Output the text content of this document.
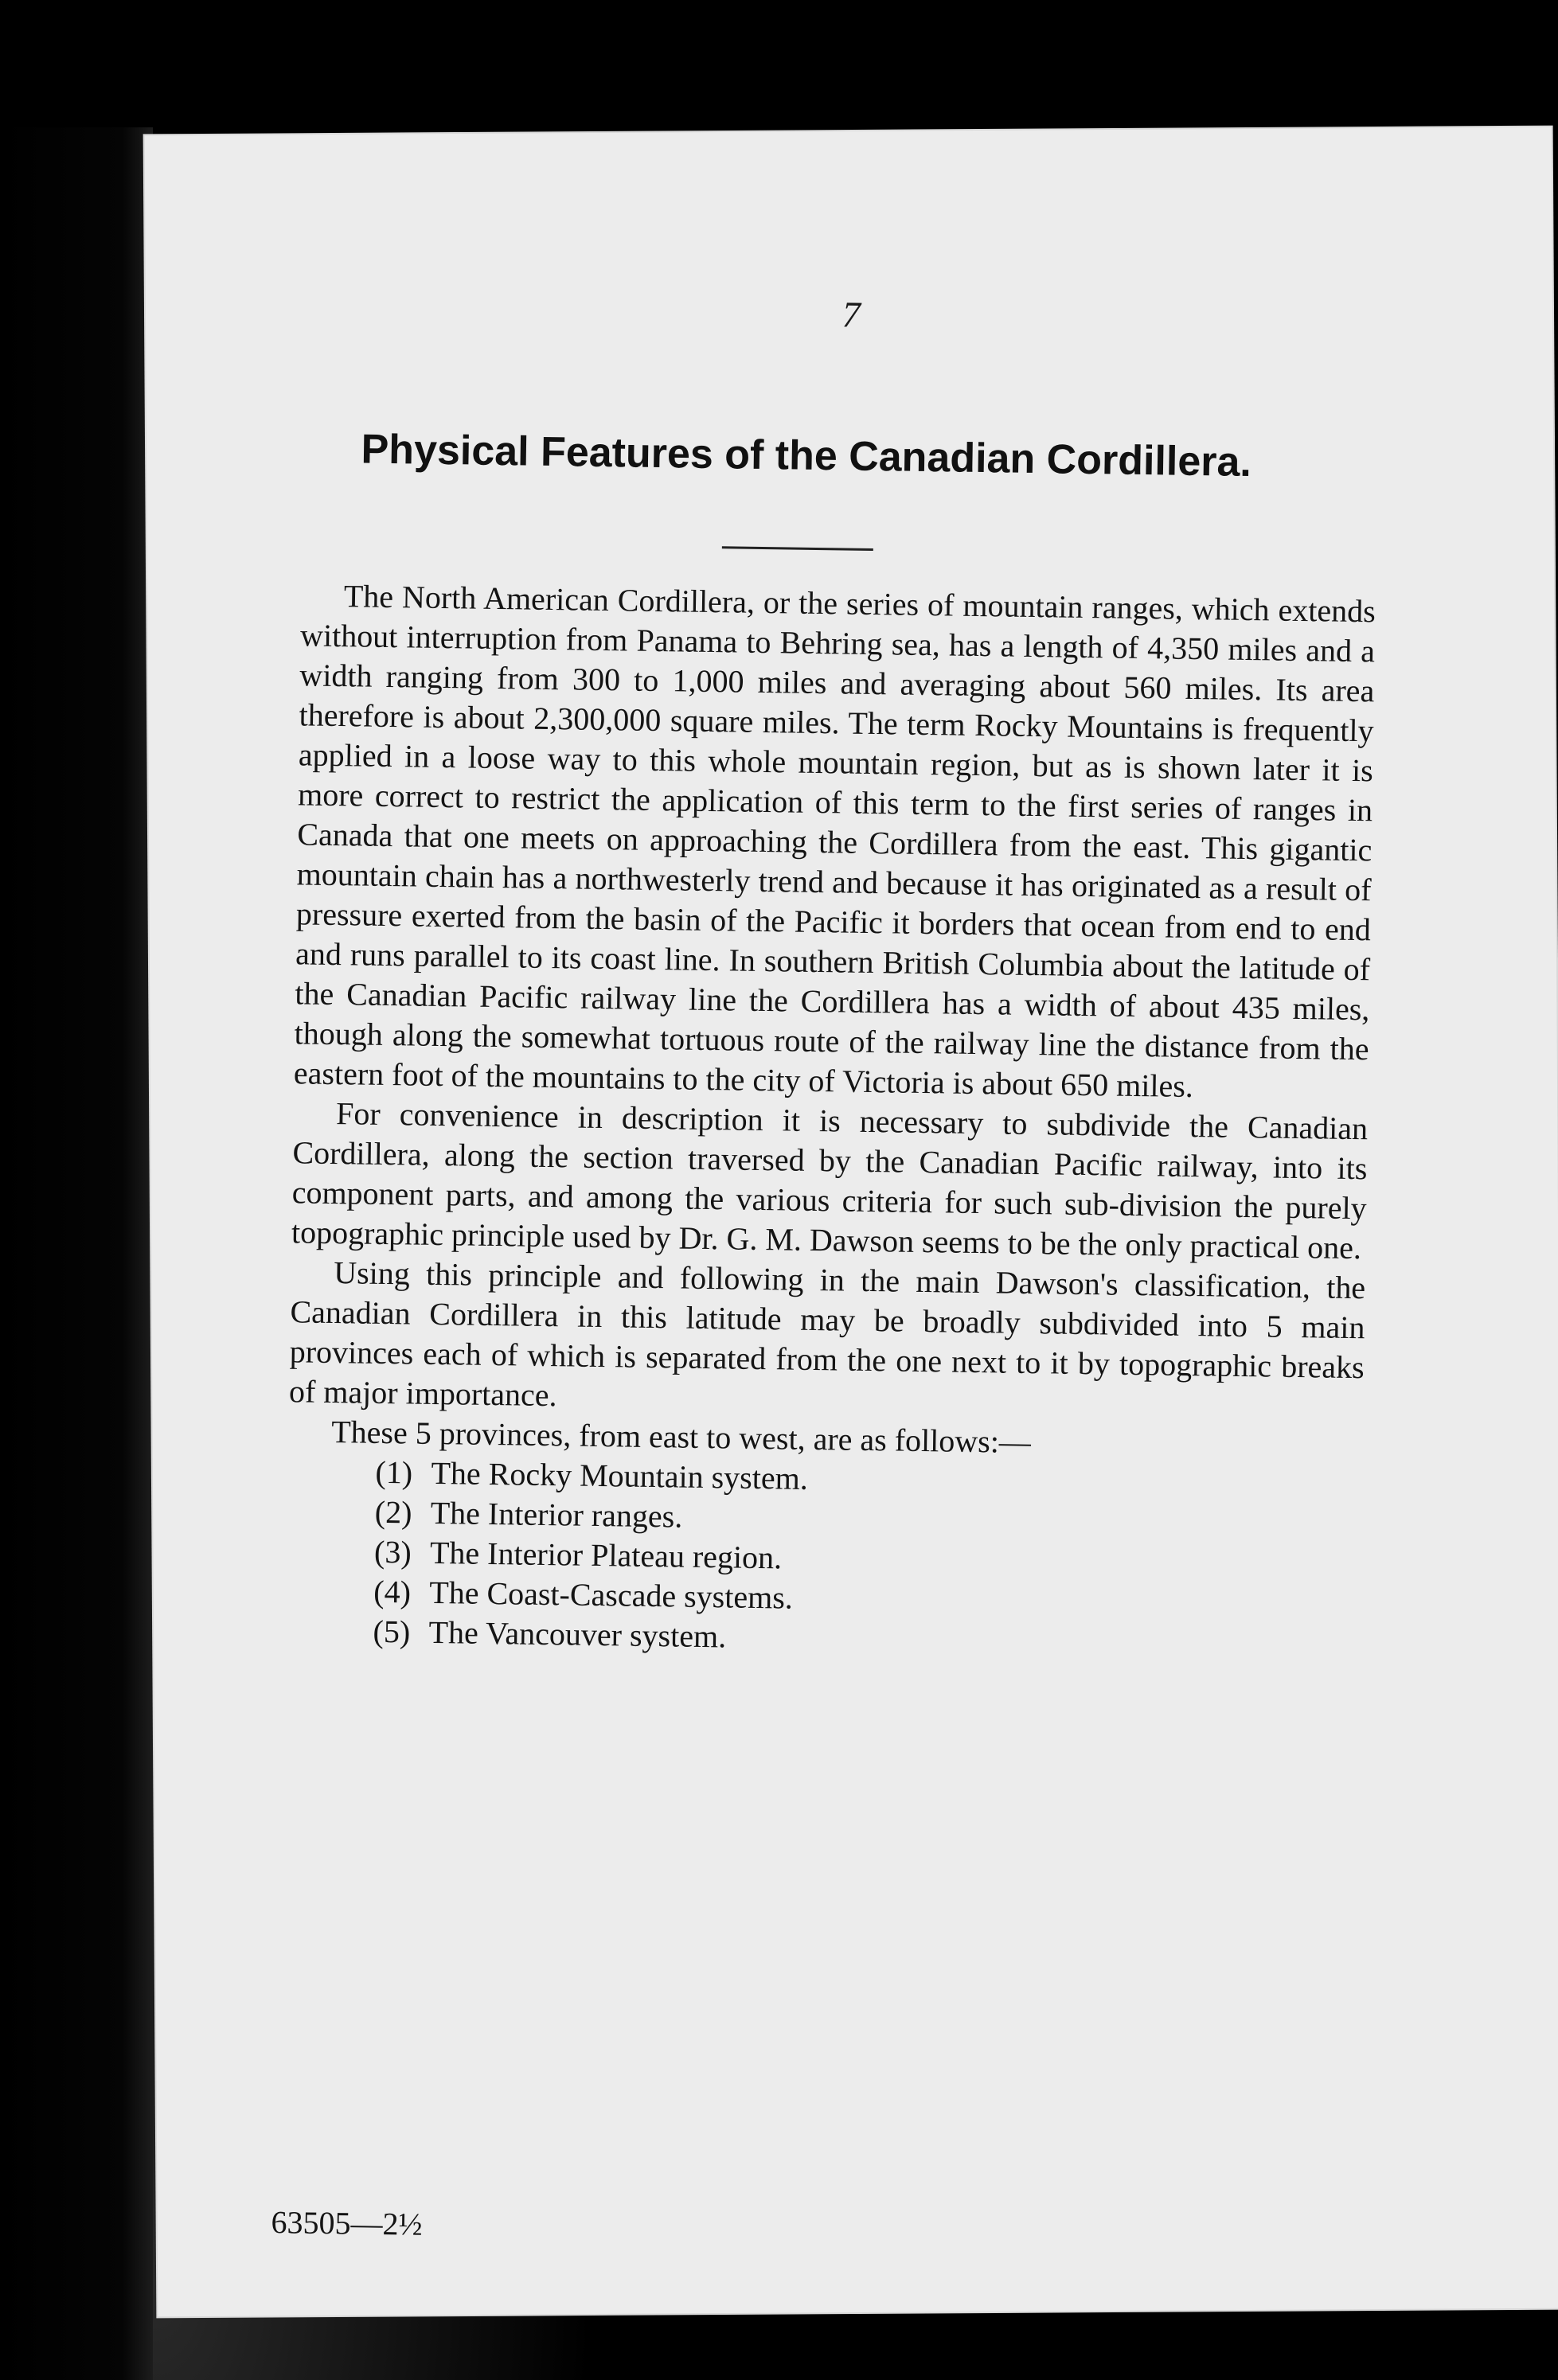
7
Physical Features of the Canadian Cordillera.

The North American Cordillera, or the series of mountain ranges, which extends without interruption from Panama to Behring sea, has a length of 4,350 miles and a width ranging from 300 to 1,000 miles and averaging about 560 miles. Its area therefore is about 2,300,000 square miles. The term Rocky Mountains is frequently applied in a loose way to this whole mountain region, but as is shown later it is more correct to restrict the application of this term to the first series of ranges in Canada that one meets on approaching the Cordillera from the east. This gigantic mountain chain has a northwesterly trend and because it has originated as a result of pressure exerted from the basin of the Pacific it borders that ocean from end to end and runs parallel to its coast line. In southern British Columbia about the latitude of the Canadian Pacific railway line the Cordillera has a width of about 435 miles, though along the somewhat tortuous route of the railway line the distance from the eastern foot of the mountains to the city of Victoria is about 650 miles.

For convenience in description it is necessary to subdivide the Canadian Cordillera, along the section traversed by the Canadian Pacific railway, into its component parts, and among the various criteria for such sub-division the purely topographic principle used by Dr. G. M. Dawson seems to be the only practical one.

Using this principle and following in the main Dawson's classification, the Canadian Cordillera in this latitude may be broadly subdivided into 5 main provinces each of which is separated from the one next to it by topographic breaks of major importance.

These 5 provinces, from east to west, are as follows:—

(1) The Rocky Mountain system.
(2) The Interior ranges.
(3) The Interior Plateau region.
(4) The Coast-Cascade systems.
(5) The Vancouver system.
63505—2½
